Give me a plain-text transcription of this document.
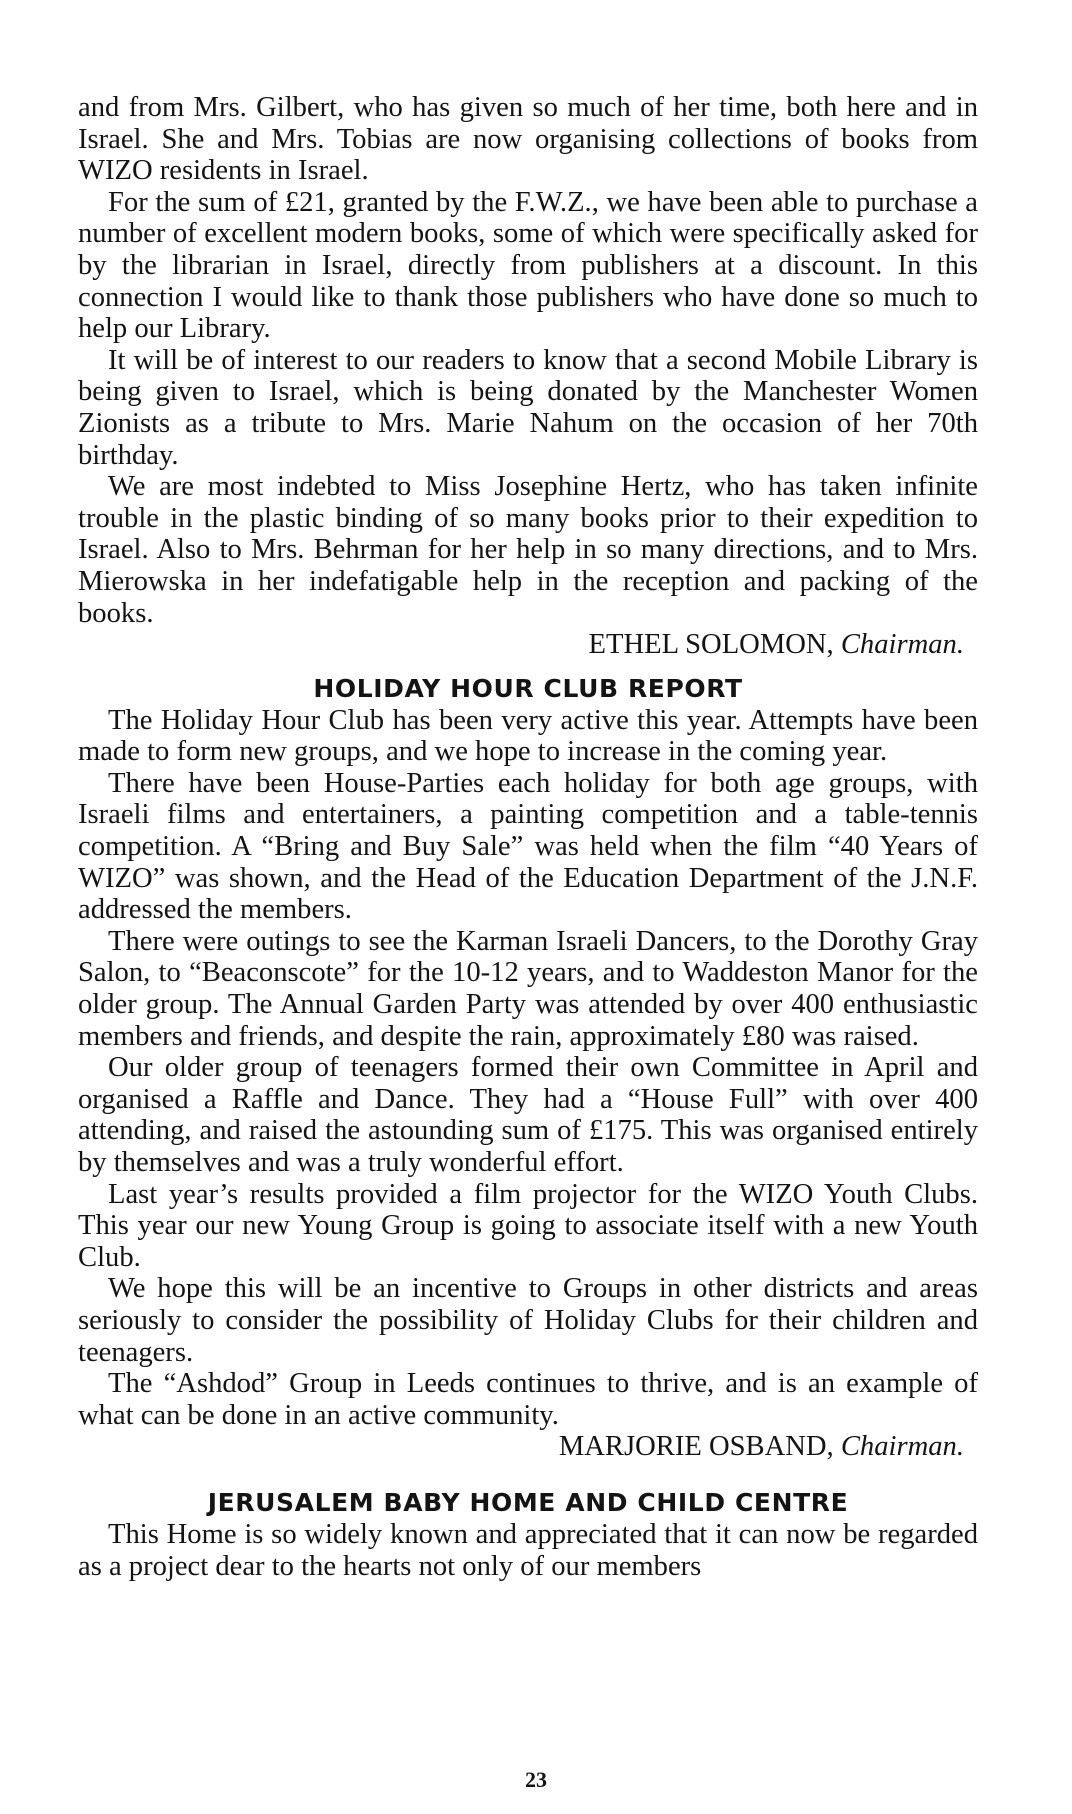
and from Mrs. Gilbert, who has given so much of her time, both here and in Israel. She and Mrs. Tobias are now organising collections of books from WIZO residents in Israel.

For the sum of £21, granted by the F.W.Z., we have been able to purchase a number of excellent modern books, some of which were specifically asked for by the librarian in Israel, directly from publishers at a discount. In this connection I would like to thank those publishers who have done so much to help our Library.

It will be of interest to our readers to know that a second Mobile Library is being given to Israel, which is being donated by the Manchester Women Zionists as a tribute to Mrs. Marie Nahum on the occasion of her 70th birthday.

We are most indebted to Miss Josephine Hertz, who has taken infinite trouble in the plastic binding of so many books prior to their expedition to Israel. Also to Mrs. Behrman for her help in so many directions, and to Mrs. Mierowska in her indefatigable help in the reception and packing of the books.

ETHEL SOLOMON, Chairman.
HOLIDAY HOUR CLUB REPORT

The Holiday Hour Club has been very active this year. Attempts have been made to form new groups, and we hope to increase in the coming year.

There have been House-Parties each holiday for both age groups, with Israeli films and entertainers, a painting competition and a table-tennis competition. A “Bring and Buy Sale” was held when the film “40 Years of WIZO” was shown, and the Head of the Education Department of the J.N.F. addressed the members.

There were outings to see the Karman Israeli Dancers, to the Dorothy Gray Salon, to “Beaconscote” for the 10-12 years, and to Waddeston Manor for the older group. The Annual Garden Party was attended by over 400 enthusiastic members and friends, and despite the rain, approximately £80 was raised.

Our older group of teenagers formed their own Committee in April and organised a Raffle and Dance. They had a “House Full” with over 400 attending, and raised the astounding sum of £175. This was organised entirely by themselves and was a truly wonderful effort.

Last year’s results provided a film projector for the WIZO Youth Clubs. This year our new Young Group is going to associate itself with a new Youth Club.

We hope this will be an incentive to Groups in other districts and areas seriously to consider the possibility of Holiday Clubs for their children and teenagers.

The “Ashdod” Group in Leeds continues to thrive, and is an example of what can be done in an active community.

MARJORIE OSBAND, Chairman.
JERUSALEM BABY HOME AND CHILD CENTRE

This Home is so widely known and appreciated that it can now be regarded as a project dear to the hearts not only of our members

23
